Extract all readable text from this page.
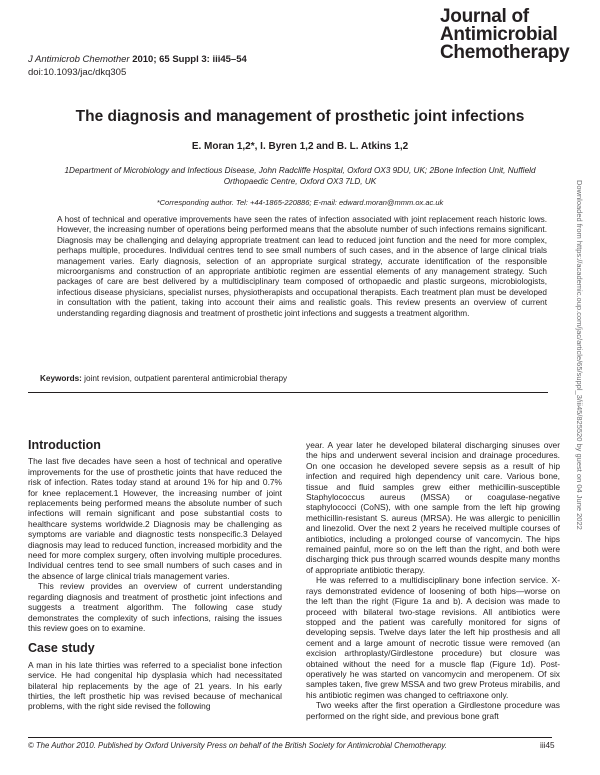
J Antimicrob Chemother 2010; 65 Suppl 3: iii45–54
doi:10.1093/jac/dkq305
Journal of Antimicrobial Chemotherapy
The diagnosis and management of prosthetic joint infections
E. Moran 1,2*, I. Byren 1,2 and B. L. Atkins 1,2
1Department of Microbiology and Infectious Disease, John Radcliffe Hospital, Oxford OX3 9DU, UK; 2Bone Infection Unit, Nuffield Orthopaedic Centre, Oxford OX3 7LD, UK
*Corresponding author. Tel: +44-1865-220886; E-mail: edward.moran@mmm.ox.ac.uk
A host of technical and operative improvements have seen the rates of infection associated with joint replacement reach historic lows. However, the increasing number of operations being performed means that the absolute number of such infections remains significant. Diagnosis may be challenging and delaying appropriate treatment can lead to reduced joint function and the need for more complex, perhaps multiple, procedures. Individual centres tend to see small numbers of such cases, and in the absence of large clinical trials management varies. Early diagnosis, selection of an appropriate surgical strategy, accurate identification of the responsible microorganisms and construction of an appropriate antibiotic regimen are essential elements of any management strategy. Such packages of care are best delivered by a multidisciplinary team composed of orthopaedic and plastic surgeons, microbiologists, infectious disease physicians, specialist nurses, physiotherapists and occupational therapists. Each treatment plan must be developed in consultation with the patient, taking into account their aims and realistic goals. This review presents an overview of current understanding regarding diagnosis and treatment of prosthetic joint infections and suggests a treatment algorithm.
Keywords: joint revision, outpatient parenteral antimicrobial therapy
Introduction

The last five decades have seen a host of technical and operative improvements for the use of prosthetic joints that have reduced the risk of infection. Rates today stand at around 1% for hip and 0.7% for knee replacement.1 However, the increasing number of joint replacements being performed means the absolute number of such infections will remain significant and pose substantial costs to healthcare systems worldwide.2 Diagnosis may be challenging as symptoms are variable and diagnostic tests nonspecific.3 Delayed diagnosis may lead to reduced function, increased morbidity and the need for more complex surgery, often involving multiple procedures. Individual centres tend to see small numbers of such cases and in the absence of large clinical trials management varies.

This review provides an overview of current understanding regarding diagnosis and treatment of prosthetic joint infections and suggests a treatment algorithm. The following case study demonstrates the complexity of such infections, raising the issues this review goes on to examine.

Case study

A man in his late thirties was referred to a specialist bone infection service. He had congenital hip dysplasia which had necessitated bilateral hip replacements by the age of 21 years. In his early thirties, the left prosthetic hip was revised because of mechanical problems, with the right side revised the following

year. A year later he developed bilateral discharging sinuses over the hips and underwent several incision and drainage procedures. On one occasion he developed severe sepsis as a result of hip infection and required high dependency unit care. Various bone, tissue and fluid samples grew either methicillin-susceptible Staphylococcus aureus (MSSA) or coagulase-negative staphylococci (CoNS), with one sample from the left hip growing methicillin-resistant S. aureus (MRSA). He was allergic to penicillin and linezolid. Over the next 2 years he received multiple courses of antibiotics, including a prolonged course of vancomycin. The hips remained painful, more so on the left than the right, and both were discharging thick pus through scarred wounds despite many months of appropriate antibiotic therapy.

He was referred to a multidisciplinary bone infection service. X-rays demonstrated evidence of loosening of both hips—worse on the left than the right (Figure 1a and b). A decision was made to proceed with bilateral two-stage revisions. All antibiotics were stopped and the patient was carefully monitored for signs of developing sepsis. Twelve days later the left hip prosthesis and all cement and a large amount of necrotic tissue were removed (an excision arthroplasty/Girdlestone procedure) but closure was obtained without the need for a muscle flap (Figure 1d). Post-operatively he was started on vancomycin and meropenem. Of six samples taken, five grew MSSA and two grew Proteus mirabilis, and his antibiotic regimen was changed to ceftriaxone only.

Two weeks after the first operation a Girdlestone procedure was performed on the right side, and previous bone graft

Downloaded from https://academic.oup.com/jac/article/65/suppl_3/iii45/825520 by guest on 04 June 2022
© The Author 2010. Published by Oxford University Press on behalf of the British Society for Antimicrobial Chemotherapy.	iii45
